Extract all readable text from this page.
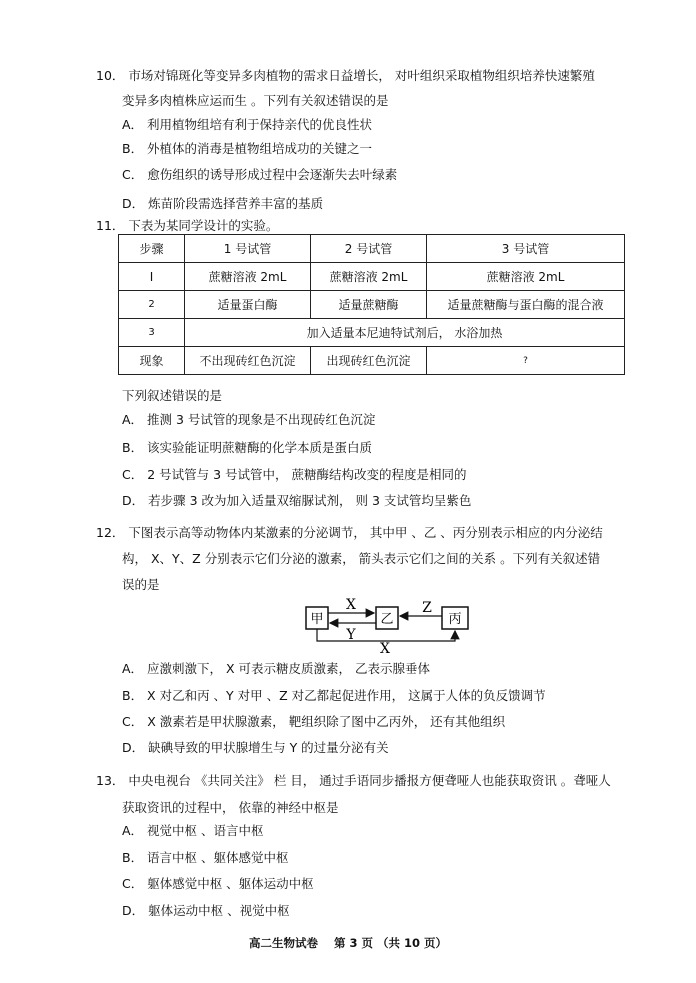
10． 市场对锦斑化等变异多肉植物的需求日益增长， 对叶组织采取植物组织培养快速繁殖
变异多肉植株应运而生 。下列有关叙述错误的是
A． 利用植物组培有利于保持亲代的优良性状
B． 外植体的消毒是植物组培成功的关键之一
C． 愈伤组织的诱导形成过程中会逐渐失去叶绿素
D． 炼苗阶段需选择营养丰富的基质
11． 下表为某同学设计的实验。
步骤	1 号试管	2 号试管	3 号试管
I	蔗糖溶液 2mL	蔗糖溶液 2mL	蔗糖溶液 2mL
2	适量蛋白酶	适量蔗糖酶	适量蔗糖酶与蛋白酶的混合液
3	加入适量本尼迪特试剂后， 水浴加热		
现象	不出现砖红色沉淀	出现砖红色沉淀	?
下列叙述错误的是
A． 推测 3 号试管的现象是不出现砖红色沉淀
B． 该实验能证明蔗糖酶的化学本质是蛋白质
C． 2 号试管与 3 号试管中， 蔗糖酶结构改变的程度是相同的
D． 若步骤 3 改为加入适量双缩脲试剂， 则 3 支试管均呈紫色
12． 下图表示高等动物体内某激素的分泌调节， 其中甲 、乙 、丙分别表示相应的内分泌结
构， X、Y、Z 分别表示它们分泌的激素， 箭头表示它们之间的关系 。下列有关叙述错
误的是
甲	乙	丙
X
Y
Z
X
A． 应激刺激下， X 可表示糖皮质激素， 乙表示腺垂体
B． X 对乙和丙 、Y 对甲 、Z 对乙都起促进作用， 这属于人体的负反馈调节
C． X 激素若是甲状腺激素， 靶组织除了图中乙丙外， 还有其他组织
D． 缺碘导致的甲状腺增生与 Y 的过量分泌有关
13． 中央电视台 《共同关注》 栏 目， 通过手语同步播报方便聋哑人也能获取资讯 。聋哑人
获取资讯的过程中， 依靠的神经中枢是
A． 视觉中枢 、语言中枢
B． 语言中枢 、躯体感觉中枢
C． 躯体感觉中枢 、躯体运动中枢
D． 躯体运动中枢 、视觉中枢
高二生物试卷 第 3 页 （共 10 页）
